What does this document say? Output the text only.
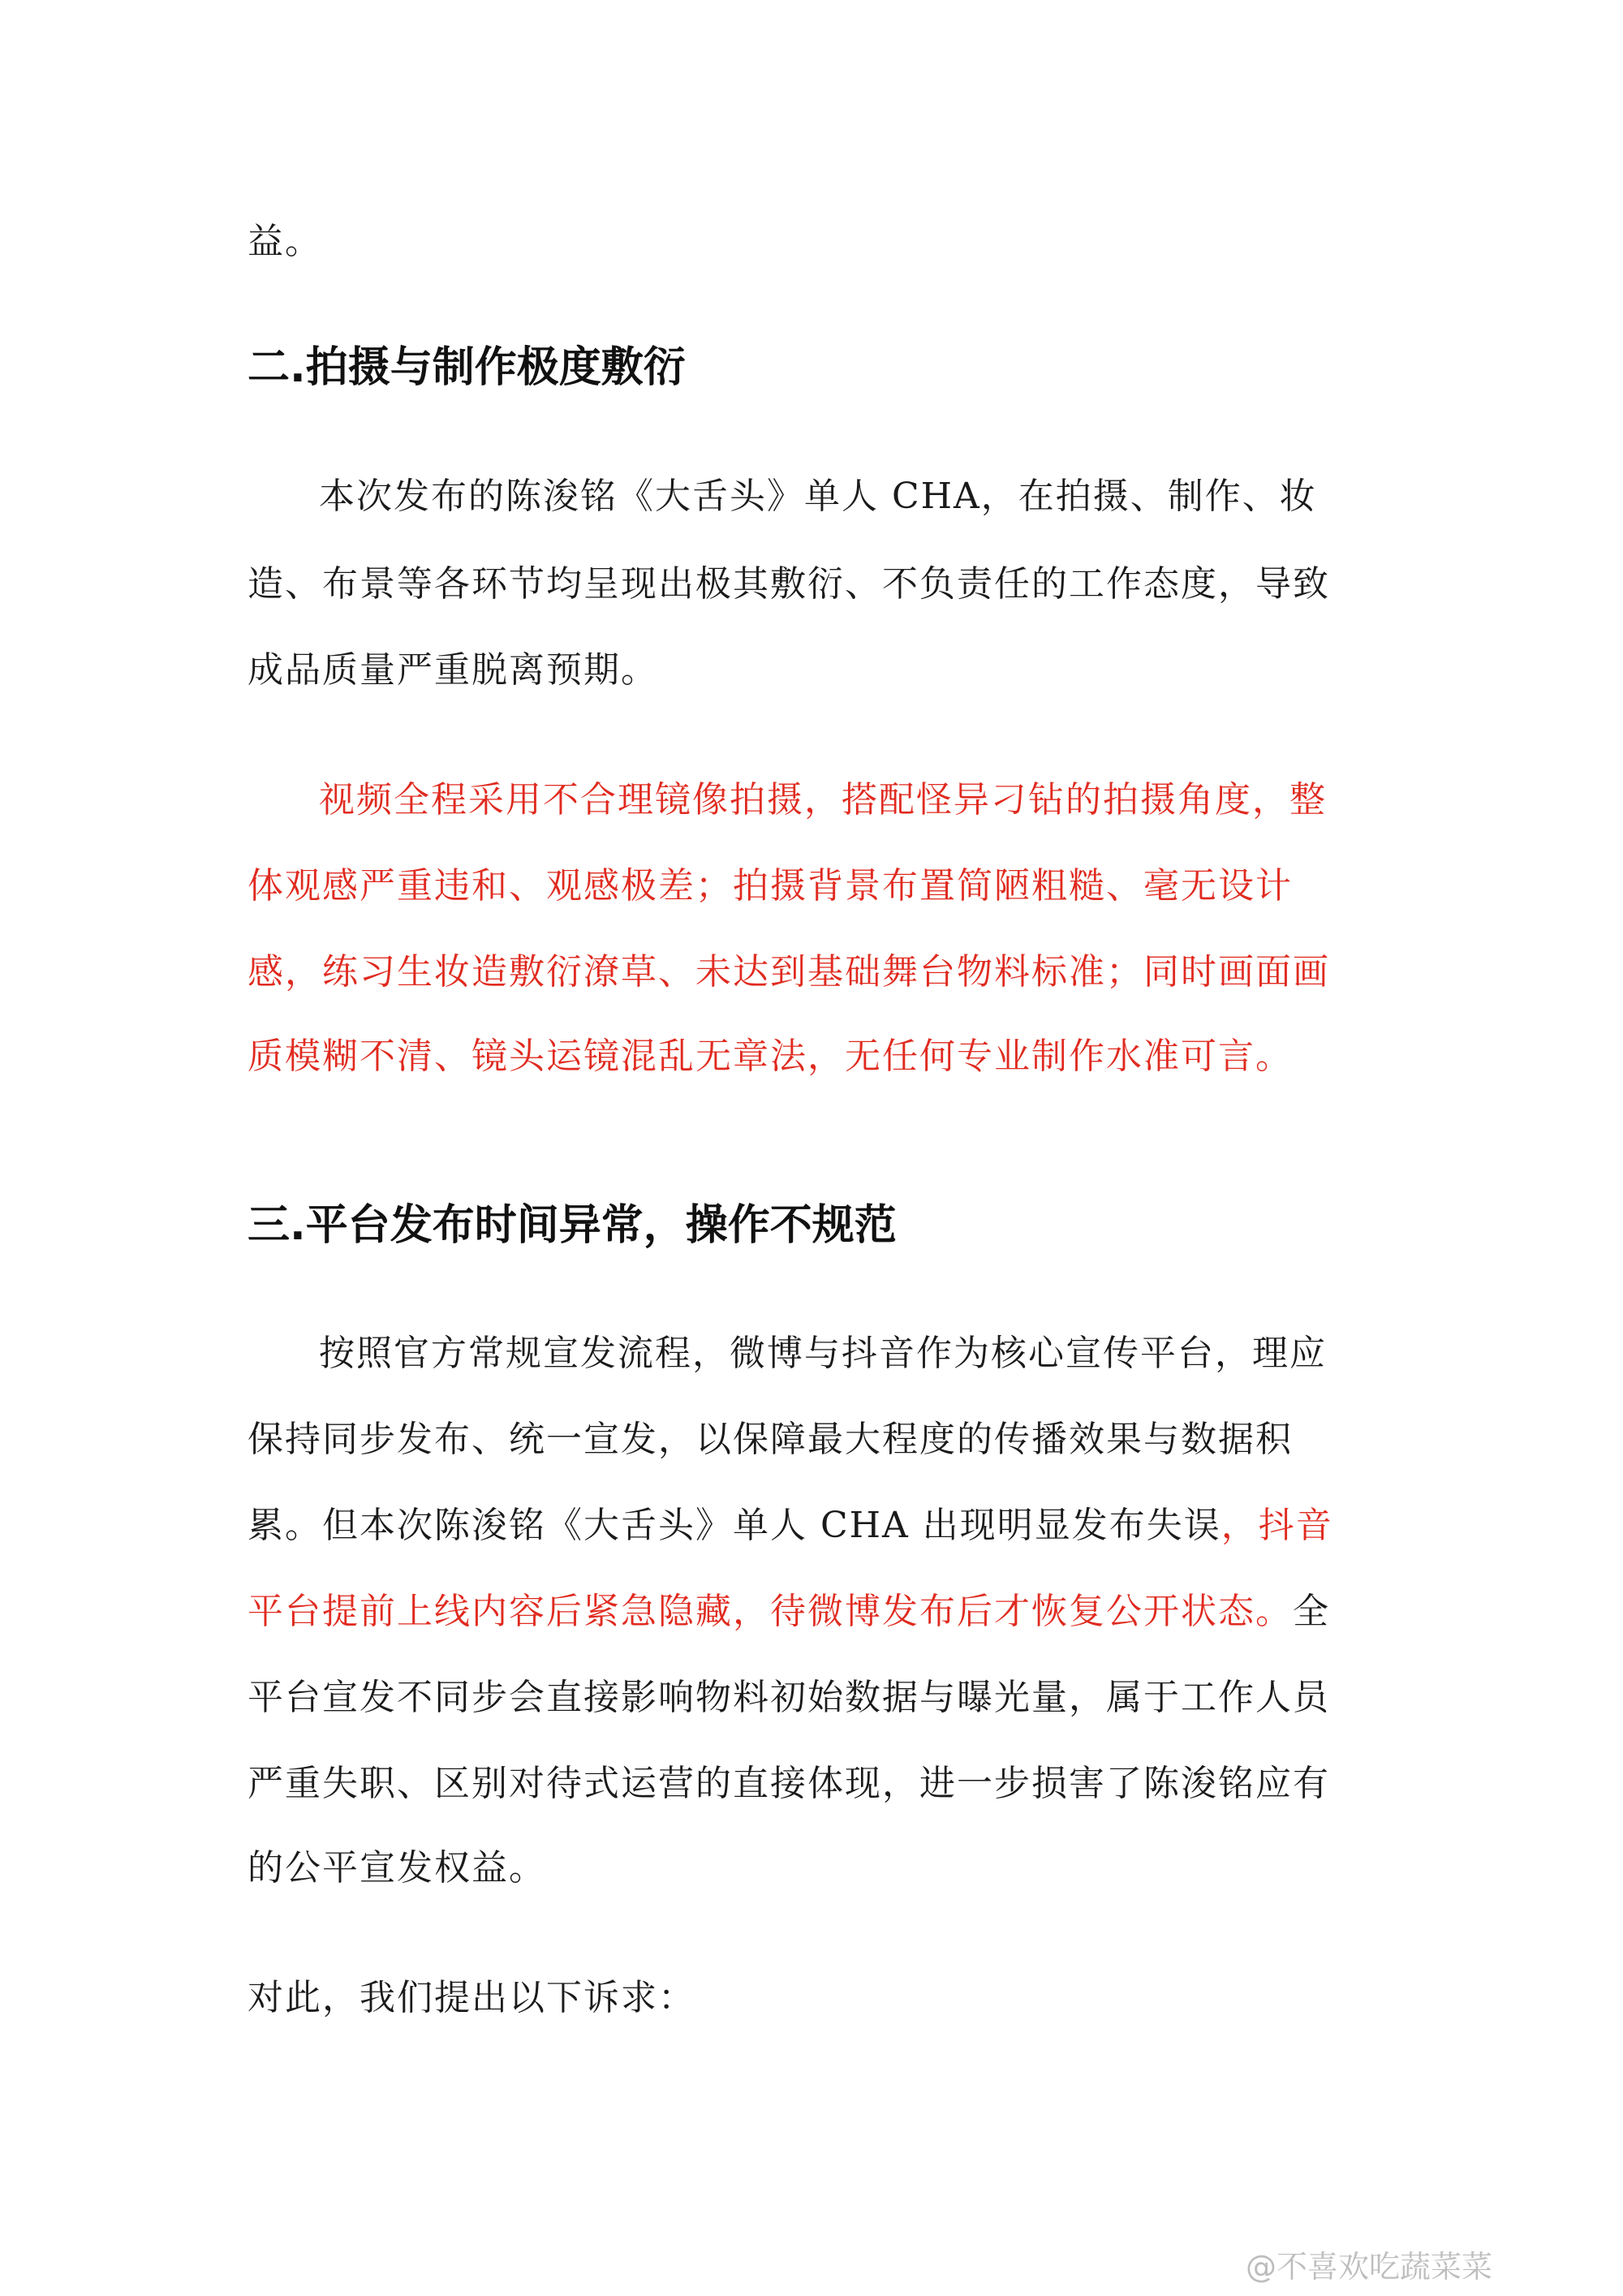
益。
二.拍摄与制作极度敷衍
本次发布的陈浚铭《大舌头》单人 CHA，在拍摄、制作、妆
造、布景等各环节均呈现出极其敷衍、不负责任的工作态度，导致
成品质量严重脱离预期。
视频全程采用不合理镜像拍摄，搭配怪异刁钻的拍摄角度，整
体观感严重违和、观感极差；拍摄背景布置简陋粗糙、毫无设计
感，练习生妆造敷衍潦草、未达到基础舞台物料标准；同时画面画
质模糊不清、镜头运镜混乱无章法，无任何专业制作水准可言。
三.平台发布时间异常，操作不规范
按照官方常规宣发流程，微博与抖音作为核心宣传平台，理应
保持同步发布、统一宣发，以保障最大程度的传播效果与数据积
累。但本次陈浚铭《大舌头》单人 CHA 出现明显发布失误，抖音
平台提前上线内容后紧急隐藏，待微博发布后才恢复公开状态。全
平台宣发不同步会直接影响物料初始数据与曝光量，属于工作人员
严重失职、区别对待式运营的直接体现，进一步损害了陈浚铭应有
的公平宣发权益。
对此，我们提出以下诉求：
@不喜欢吃蔬菜菜
